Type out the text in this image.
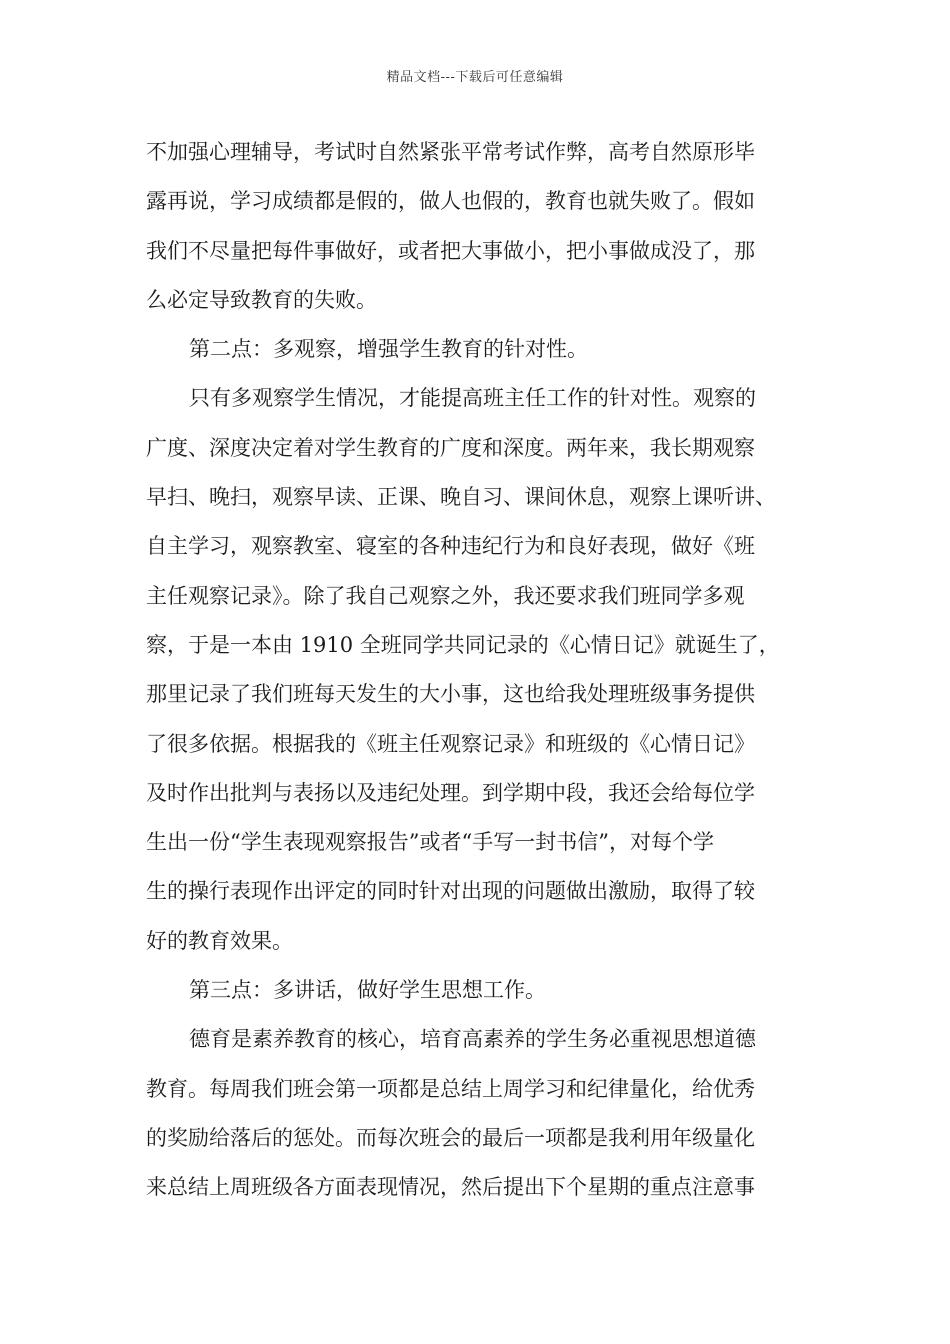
精品文档---下载后可任意编辑
不加强心理辅导，考试时自然紧张平常考试作弊，高考自然原形毕
露再说，学习成绩都是假的，做人也假的，教育也就失败了。假如
我们不尽量把每件事做好，或者把大事做小，把小事做成没了，那
么必定导致教育的失败。
第二点：多观察，增强学生教育的针对性。
只有多观察学生情况，才能提高班主任工作的针对性。观察的
广度、深度决定着对学生教育的广度和深度。两年来，我长期观察
早扫、晚扫，观察早读、正课、晚自习、课间休息，观察上课听讲、
自主学习，观察教室、寝室的各种违纪行为和良好表现，做好《班
主任观察记录》。除了我自己观察之外，我还要求我们班同学多观
察，于是一本由 1910 全班同学共同记录的《心情日记》就诞生了，
那里记录了我们班每天发生的大小事，这也给我处理班级事务提供
了很多依据。根据我的《班主任观察记录》和班级的《心情日记》
及时作出批判与表扬以及违纪处理。到学期中段，我还会给每位学
生出一份“学生表现观察报告”或者“手写一封书信”，对每个学
生的操行表现作出评定的同时针对出现的问题做出激励，取得了较
好的教育效果。
第三点：多讲话，做好学生思想工作。
德育是素养教育的核心，培育高素养的学生务必重视思想道德
教育。每周我们班会第一项都是总结上周学习和纪律量化，给优秀
的奖励给落后的惩处。而每次班会的最后一项都是我利用年级量化
来总结上周班级各方面表现情况，然后提出下个星期的重点注意事
